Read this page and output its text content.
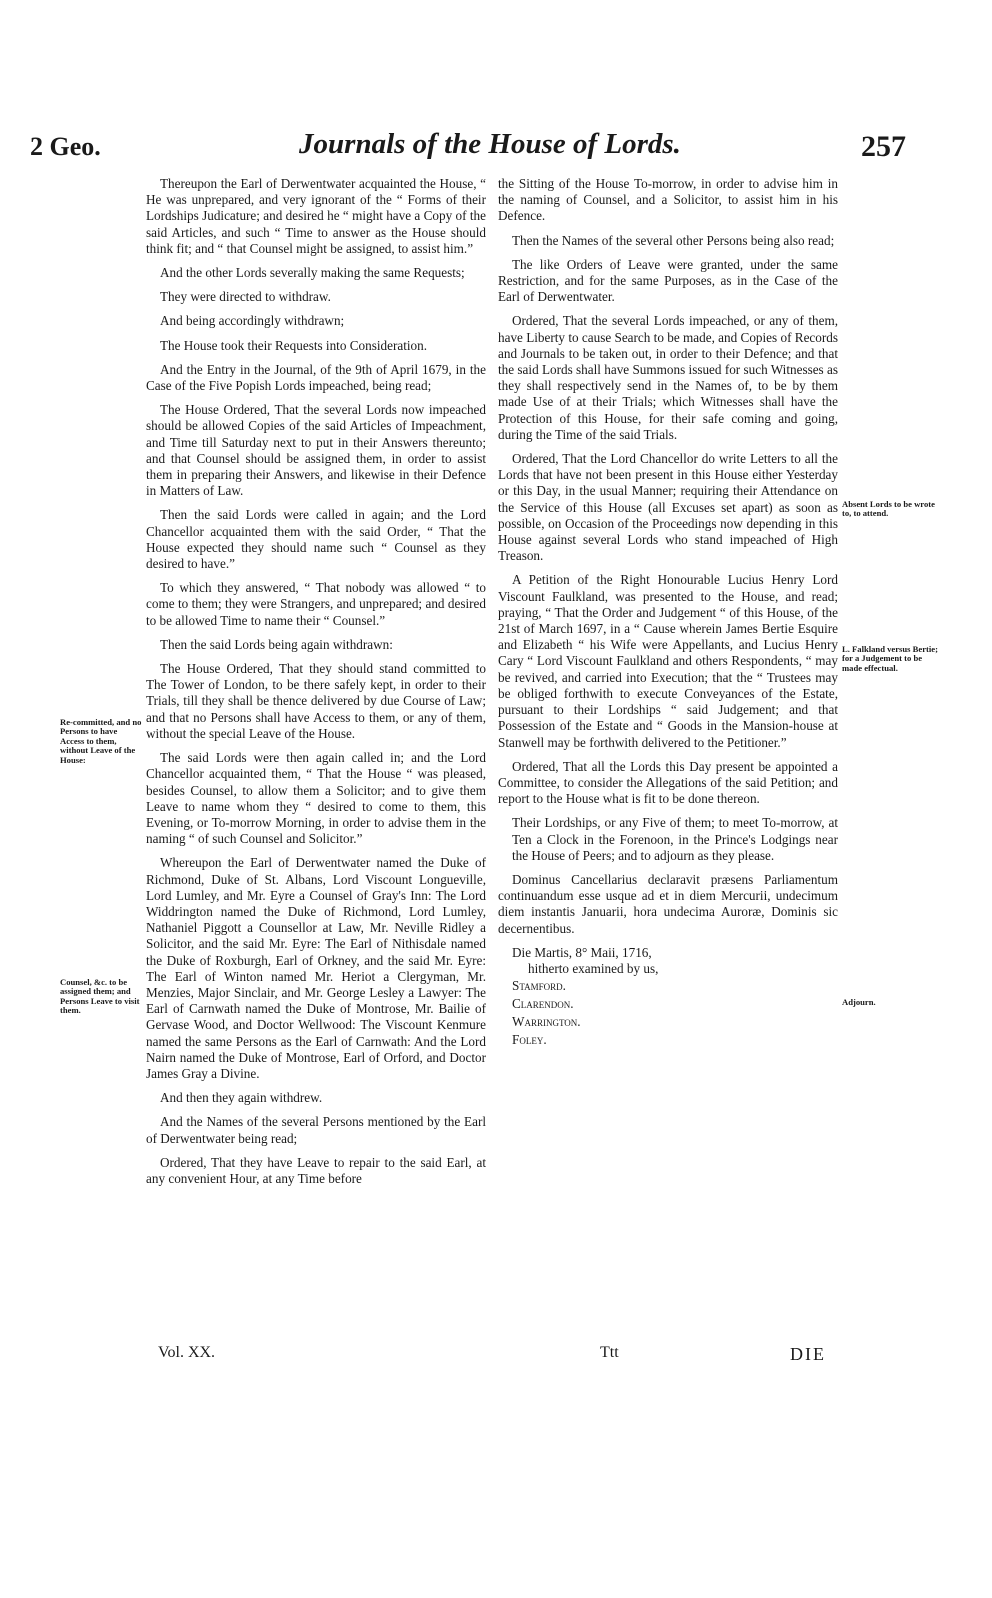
2 Geo.	Journals of the House of Lords.	257

Thereupon the Earl of Derwentwater acquainted the House, “ He was unprepared, and very ignorant of the “ Forms of their Lordships Judicature; and desired he “ might have a Copy of the said Articles, and such “ Time to answer as the House should think fit; and “ that Counsel might be assigned, to assist him.”

And the other Lords severally making the same Requests;

They were directed to withdraw.

And being accordingly withdrawn;

The House took their Requests into Consideration.

And the Entry in the Journal, of the 9th of April 1679, in the Case of the Five Popish Lords impeached, being read;

The House Ordered, That the several Lords now impeached should be allowed Copies of the said Articles of Impeachment, and Time till Saturday next to put in their Answers thereunto; and that Counsel should be assigned them, in order to assist them in preparing their Answers, and likewise in their Defence in Matters of Law.

Then the said Lords were called in again; and the Lord Chancellor acquainted them with the said Order, “ That the House expected they should name such “ Counsel as they desired to have.”

To which they answered, “ That nobody was allowed “ to come to them; they were Strangers, and unprepared; and desired to be allowed Time to name their “ Counsel.”

Then the said Lords being again withdrawn:

The House Ordered, That they should stand committed to The Tower of London, to be there safely kept, in order to their Trials, till they shall be thence delivered by due Course of Law; and that no Persons shall have Access to them, or any of them, without the special Leave of the House.

The said Lords were then again called in; and the Lord Chancellor acquainted them, “ That the House “ was pleased, besides Counsel, to allow them a Solicitor; and to give them Leave to name whom they “ desired to come to them, this Evening, or To-morrow Morning, in order to advise them in the naming “ of such Counsel and Solicitor.”

Whereupon the Earl of Derwentwater named the Duke of Richmond, Duke of St. Albans, Lord Viscount Longueville, Lord Lumley, and Mr. Eyre a Counsel of Gray's Inn: The Lord Widdrington named the Duke of Richmond, Lord Lumley, Nathaniel Piggott a Counsellor at Law, Mr. Neville Ridley a Solicitor, and the said Mr. Eyre: The Earl of Nithisdale named the Duke of Roxburgh, Earl of Orkney, and the said Mr. Eyre: The Earl of Winton named Mr. Heriot a Clergyman, Mr. Menzies, Major Sinclair, and Mr. George Lesley a Lawyer: The Earl of Carnwath named the Duke of Montrose, Mr. Bailie of Gervase Wood, and Doctor Wellwood: The Viscount Kenmure named the same Persons as the Earl of Carnwath: And the Lord Nairn named the Duke of Montrose, Earl of Orford, and Doctor James Gray a Divine.

And then they again withdrew.

And the Names of the several Persons mentioned by the Earl of Derwentwater being read;

Ordered, That they have Leave to repair to the said Earl, at any convenient Hour, at any Time before

the Sitting of the House To-morrow, in order to advise him in the naming of Counsel, and a Solicitor, to assist him in his Defence.

Then the Names of the several other Persons being also read;

The like Orders of Leave were granted, under the same Restriction, and for the same Purposes, as in the Case of the Earl of Derwentwater.

Ordered, That the several Lords impeached, or any of them, have Liberty to cause Search to be made, and Copies of Records and Journals to be taken out, in order to their Defence; and that the said Lords shall have Summons issued for such Witnesses as they shall respectively send in the Names of, to be by them made Use of at their Trials; which Witnesses shall have the Protection of this House, for their safe coming and going, during the Time of the said Trials.

Ordered, That the Lord Chancellor do write Letters to all the Lords that have not been present in this House either Yesterday or this Day, in the usual Manner; requiring their Attendance on the Service of this House (all Excuses set apart) as soon as possible, on Occasion of the Proceedings now depending in this House against several Lords who stand impeached of High Treason.

A Petition of the Right Honourable Lucius Henry Lord Viscount Faulkland, was presented to the House, and read; praying, “ That the Order and Judgement “ of this House, of the 21st of March 1697, in a “ Cause wherein James Bertie Esquire and Elizabeth “ his Wife were Appellants, and Lucius Henry Cary “ Lord Viscount Faulkland and others Respondents, “ may be revived, and carried into Execution; that the “ Trustees may be obliged forthwith to execute Conveyances of the Estate, pursuant to their Lordships “ said Judgement; and that Possession of the Estate and “ Goods in the Mansion-house at Stanwell may be forthwith delivered to the Petitioner.”

Ordered, That all the Lords this Day present be appointed a Committee, to consider the Allegations of the said Petition; and report to the House what is fit to be done thereon.

Their Lordships, or any Five of them; to meet To-morrow, at Ten a Clock in the Forenoon, in the Prince's Lodgings near the House of Peers; and to adjourn as they please.

Dominus Cancellarius declaravit præsens Parliamentum continuandum esse usque ad et in diem Mercurii, undecimum diem instantis Januarii, hora undecima Auroræ, Dominis sic decernentibus.

Die Martis, 8° Maii, 1716,
hitherto examined by us,
Stamford.
Clarendon.
Warrington.
Foley.
Re-committed, and no Persons to have Access to them, without Leave of the House:
Counsel, &c. to be assigned them; and Persons Leave to visit them.
Absent Lords to be wrote to, to attend.
L. Falkland versus Bertie; for a Judgement to be made effectual.
Adjourn.
Vol. XX.	Ttt	DIE
